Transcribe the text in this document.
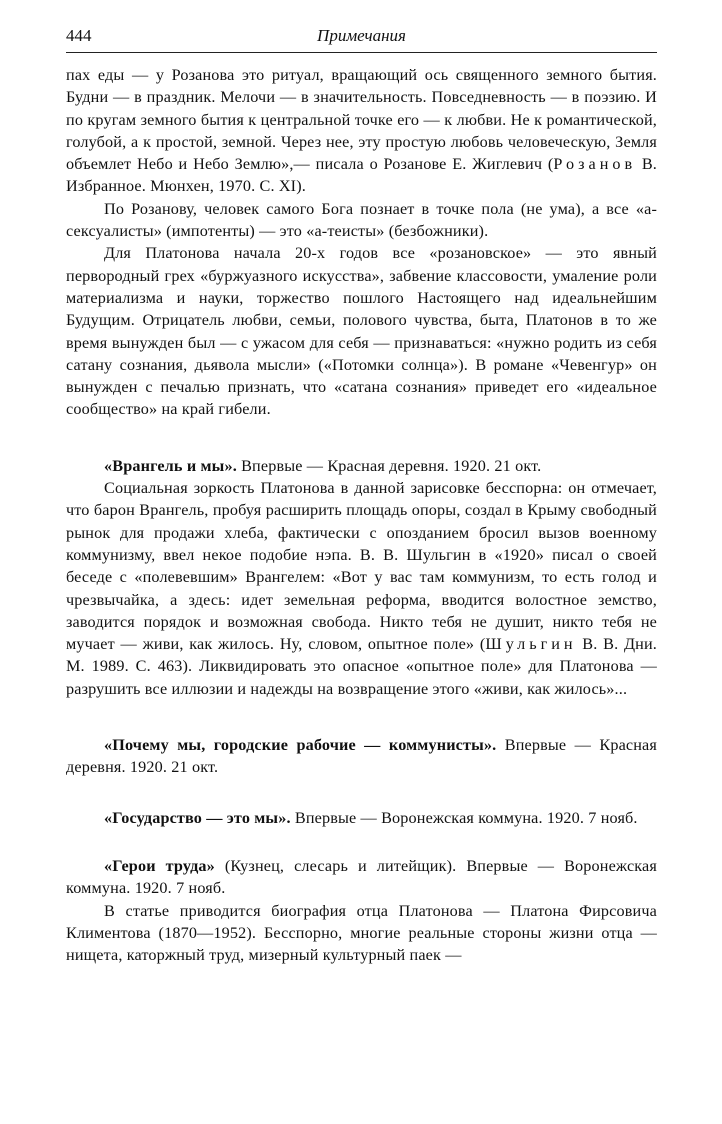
444	Примечания

пах еды — у Розанова это ритуал, вращающий ось священного земного бытия. Будни — в праздник. Мелочи — в значительность. Повседневность — в поэзию. И по кругам земного бытия к центральной точке его — к любви. Не к романтической, голубой, а к простой, земной. Через нее, эту простую любовь человеческую, Земля объемлет Небо и Небо Землю»,— писала о Розанове Е. Жиглевич (Розанов В. Избранное. Мюнхен, 1970. С. XI).

По Розанову, человек самого Бога познает в точке пола (не ума), а все «а-сексуалисты» (импотенты) — это «а-теисты» (безбожники).

Для Платонова начала 20-х годов все «розановское» — это явный первородный грех «буржуазного искусства», забвение классовости, умаление роли материализма и науки, торжество пошлого Настоящего над идеальнейшим Будущим. Отрицатель любви, семьи, полового чувства, быта, Платонов в то же время вынужден был — с ужасом для себя — признаваться: «нужно родить из себя сатану сознания, дьявола мысли» («Потомки солнца»). В романе «Чевенгур» он вынужден с печалью признать, что «сатана сознания» приведет его «идеальное сообщество» на край гибели.

«Врангель и мы». Впервые — Красная деревня. 1920. 21 окт.

Социальная зоркость Платонова в данной зарисовке бесспорна: он отмечает, что барон Врангель, пробуя расширить площадь опоры, создал в Крыму свободный рынок для продажи хлеба, фактически с опозданием бросил вызов военному коммунизму, ввел некое подобие нэпа. В. В. Шульгин в «1920» писал о своей беседе с «полевевшим» Врангелем: «Вот у вас там коммунизм, то есть голод и чрезвычайка, а здесь: идет земельная реформа, вводится волостное земство, заводится порядок и возможная свобода. Никто тебя не душит, никто тебя не мучает — живи, как жилось. Ну, словом, опытное поле» (Шульгин В. В. Дни. М. 1989. С. 463). Ликвидировать это опасное «опытное поле» для Платонова — разрушить все иллюзии и надежды на возвращение этого «живи, как жилось»...

«Почему мы, городские рабочие — коммунисты». Впервые — Красная деревня. 1920. 21 окт.

«Государство — это мы». Впервые — Воронежская коммуна. 1920. 7 нояб.

«Герои труда» (Кузнец, слесарь и литейщик). Впервые — Воронежская коммуна. 1920. 7 нояб.

В статье приводится биография отца Платонова — Платона Фирсовича Климентова (1870—1952). Бесспорно, многие реальные стороны жизни отца — нищета, каторжный труд, мизерный культурный паек —
